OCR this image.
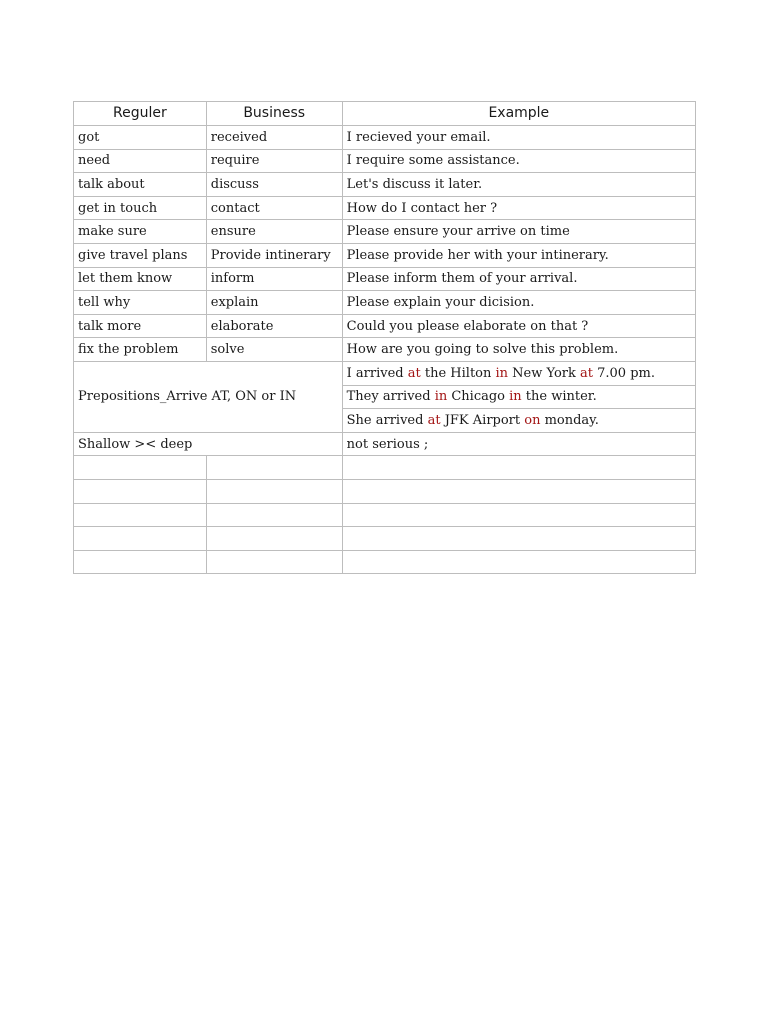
Reguler	Business	Example
got	received	I recieved your email.
need	require	I require some assistance.
talk about	discuss	Let's discuss it later.
get in touch	contact	How do I contact her ?
make sure	ensure	Please ensure your arrive on time
give travel plans	Provide intinerary	Please provide her with your intinerary.
let them know	inform	Please inform them of your arrival.
tell why	explain	Please explain your dicision.
talk more	elaborate	Could you please elaborate on that ?
fix the problem	solve	How are you going to solve this problem.
Prepositions_Arrive AT, ON or IN		I arrived at the Hilton in New York at 7.00 pm.
		They arrived in Chicago in the winter.
		She arrived at JFK Airport on monday.
Shallow >< deep		not serious ;
